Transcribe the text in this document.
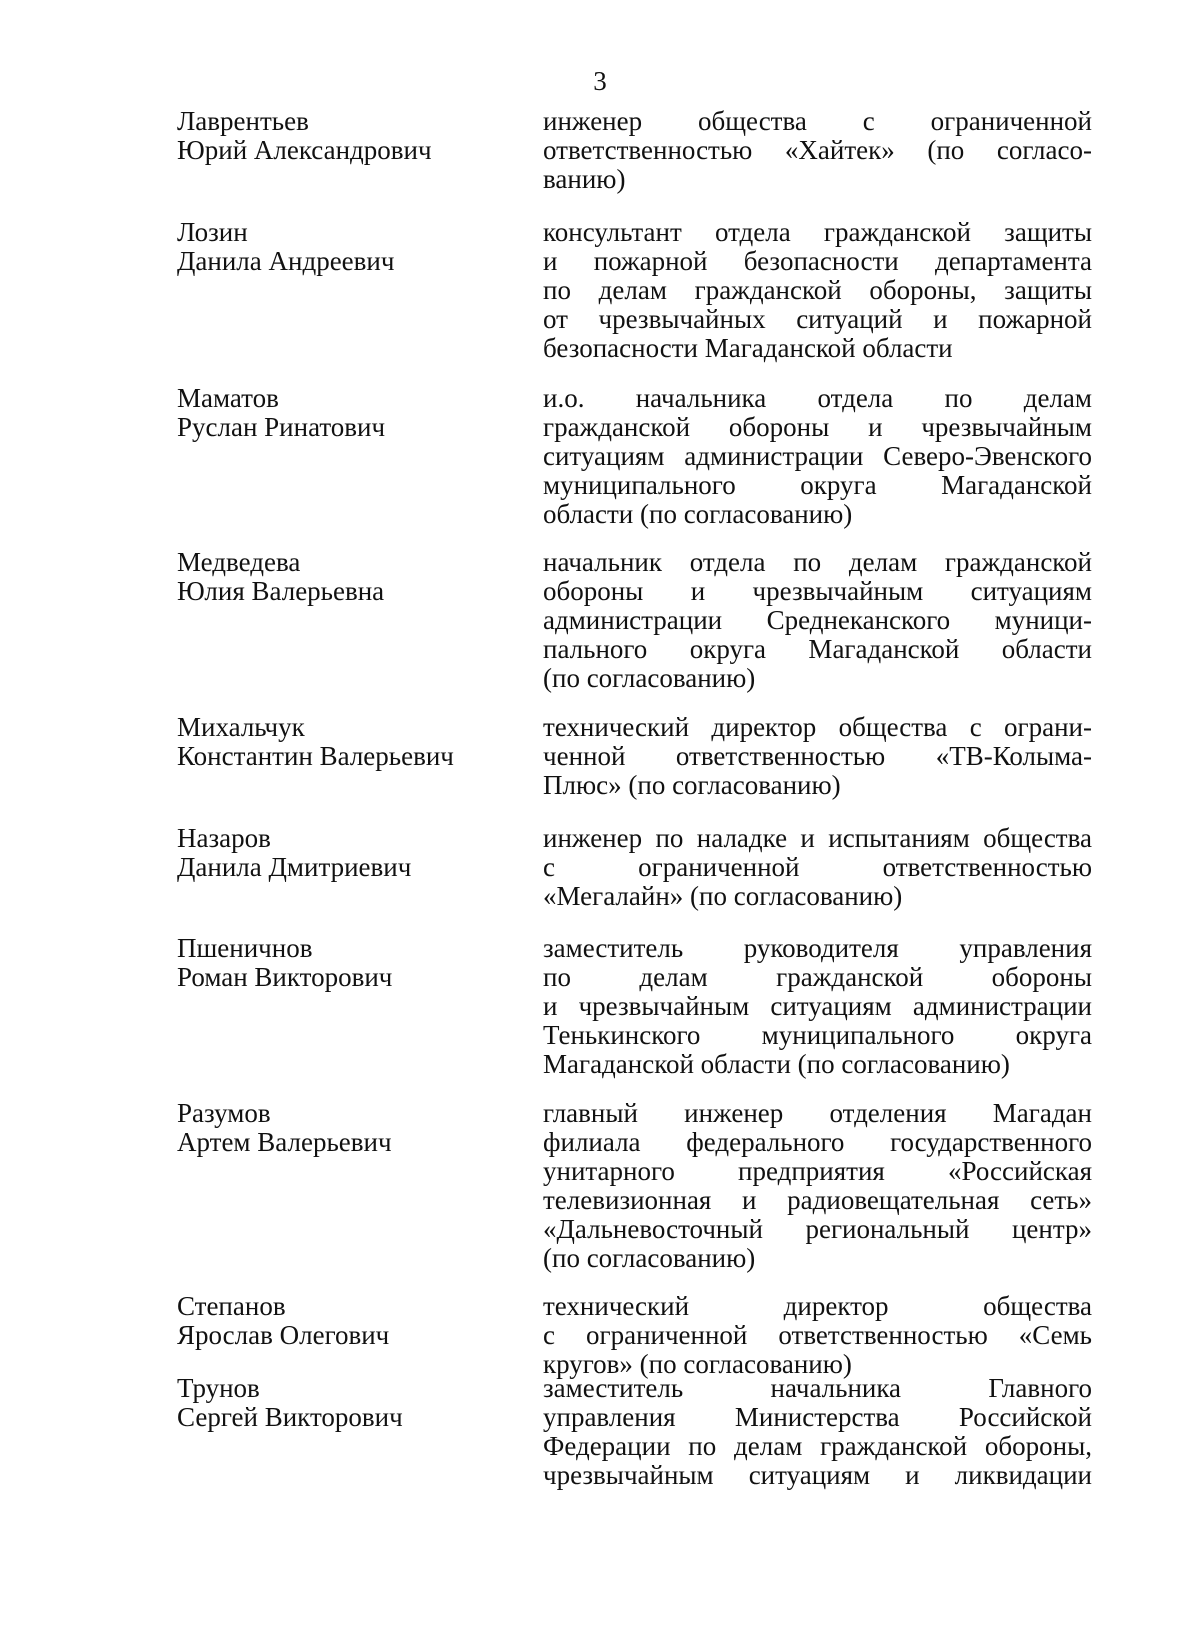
3
Лаврентьев
Юрий Александрович
инженер общества с ограниченной
ответственностью «Хайтек» (по согласо-
ванию)
Лозин
Данила Андреевич
консультант отдела гражданской защиты
и пожарной безопасности департамента
по делам гражданской обороны, защиты
от чрезвычайных ситуаций и пожарной
безопасности Магаданской области
Маматов
Руслан Ринатович
и.о. начальника отдела по делам
гражданской обороны и чрезвычайным
ситуациям администрации Северо-Эвенского
муниципального округа Магаданской
области (по согласованию)
Медведева
Юлия Валерьевна
начальник отдела по делам гражданской
обороны и чрезвычайным ситуациям
администрации Среднеканского муници-
пального округа Магаданской области
(по согласованию)
Михальчук
Константин Валерьевич
технический директор общества с ограни-
ченной ответственностью «ТВ-Колыма-
Плюс» (по согласованию)
Назаров
Данила Дмитриевич
инженер по наладке и испытаниям общества
с ограниченной ответственностью
«Мегалайн» (по согласованию)
Пшеничнов
Роман Викторович
заместитель руководителя управления
по делам гражданской обороны
и чрезвычайным ситуациям администрации
Тенькинского муниципального округа
Магаданской области (по согласованию)
Разумов
Артем Валерьевич
главный инженер отделения Магадан
филиала федерального государственного
унитарного предприятия «Российская
телевизионная и радиовещательная сеть»
«Дальневосточный региональный центр»
(по согласованию)
Степанов
Ярослав Олегович
технический директор общества
с ограниченной ответственностью «Семь
кругов» (по согласованию)
Трунов
Сергей Викторович
заместитель начальника Главного
управления Министерства Российской
Федерации по делам гражданской обороны,
чрезвычайным ситуациям и ликвидации
